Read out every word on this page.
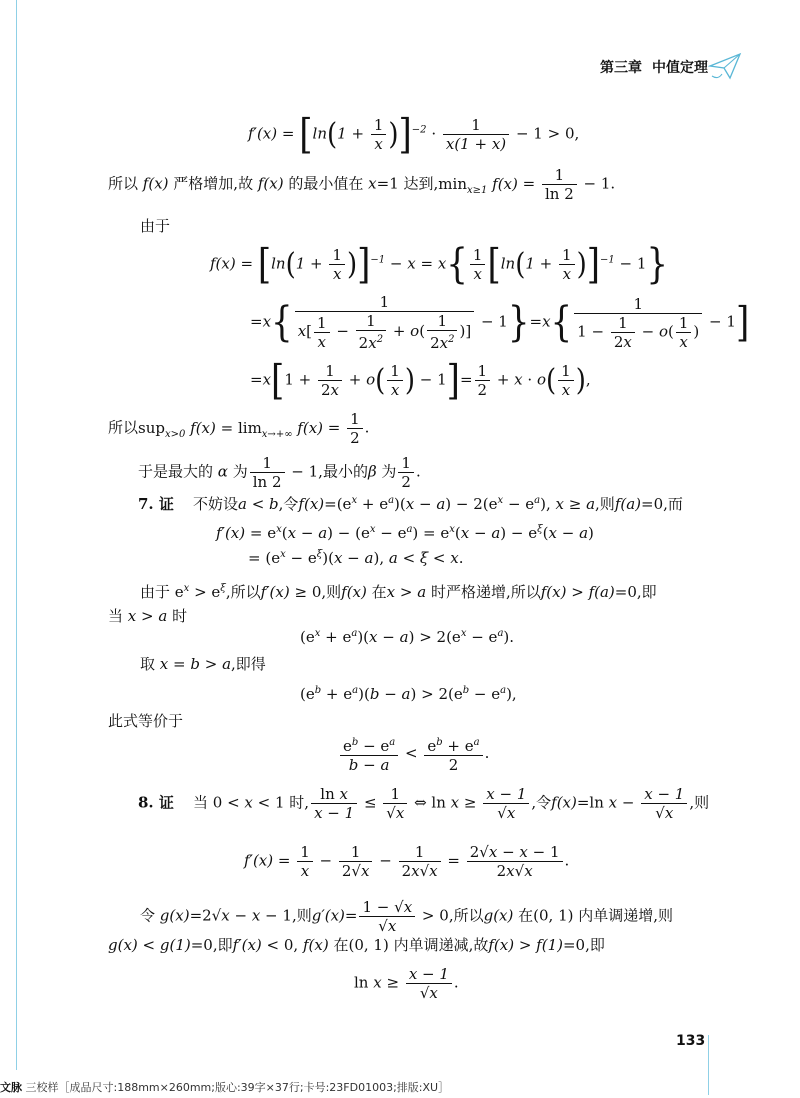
第三章 中值定理
$f'(x) = [\ln(1 + \frac{1}{x} )]^{-2} \cdot \frac{1}{x(1 + x)} - 1 > 0$,
所以 f(x) 严格增加,故 f(x) 的最小值在 x=1 达到$,\min_{x\ge 1}$ $f(x) = \frac{1}{\ln 2} - 1$.
由于
$f(x) = [\ln(1 + \frac{1}{x} )]^{-1} - x = x\{ \frac{1}{x} [\ln(1 + \frac{1}{x} )]^{-1} - 1\}$
$=x\{ \frac{1}{x[ \frac{1}{x} - \frac{1}{2x^2} + o( \frac{1}{2x^2} )]} - 1\}=x\{ \frac{1}{1 - \frac{1}{2x} - o( \frac{1}{x} )} - 1]$
$=x[1 + \frac{1}{2x} + o( \frac{1}{x}$ ) − $1]= \frac{1}{2} + x \cdot o( \frac{1}{x}$ ),
所以sup$_{x>0}$ $f(x) = \lim_{x\to+\infty} f(x) = \frac{1}{2}$ .
于是最大的 α 为 $\frac{1}{\ln 2} - 1$,最小的β 为 $\frac{1}{2}$ .
7. 证 不妨设a < b,令$f(x)=(e^x + e^a)(x - a) - 2(e^x - e^a)$, x ≥ a,则f(a)=0,而
$f'(x) = e^x(x - a) - (e^x - e^a) = e^x(x - a) - e^\xi(x - a)$
= $(e^x - e^\xi)(x - a)$, a < ξ < x.
由于 $e^x > e^\xi$,所以f′(x) ≥ 0,则f(x) 在x > a 时严格递增,所以f(x) > f(a)=0,即
当 x > a 时
$(e^x + e^a)(x - a) > 2(e^x - e^a)$.
取 x = b > a,即得
$(e^b + e^a)(b - a) > 2(e^b - e^a)$,
此式等价于
$\frac{e^b - e^a}{b - a} < \frac{e^b + e^a}{2}$ .
8. 证 当 0 < x < 1 时, $\frac{\text{ln x}}{x - 1} \le \frac{1}{√x}$ ⇔ $\ln x \ge \frac{x - 1}{√x}$ ,令f(x)=ln $x - \frac{x - 1}{√x}$ ,则
$f'(x) = \frac{1}{x} - \frac{1}{2√x} - \frac{1}{2x√x} = \frac{2√x - x - 1}{2x√x}$ .
令 g(x)=2√x − x − 1,则$g'(x)= \frac{1 - √x}{√x} > 0$,所以g(x) 在(0, 1) 内单调递增,则
g(x) < g(1)=0,即f′(x) < 0, f(x) 在(0, 1) 内单调递减,故f(x) > f(1)=0,即
$\ln x \ge \frac{x - 1}{√x}$ .
133
文脉 三校样［成品尺寸:188mm×260mm;版心:39字×37行;卡号:23FD01003;排版:XU］
